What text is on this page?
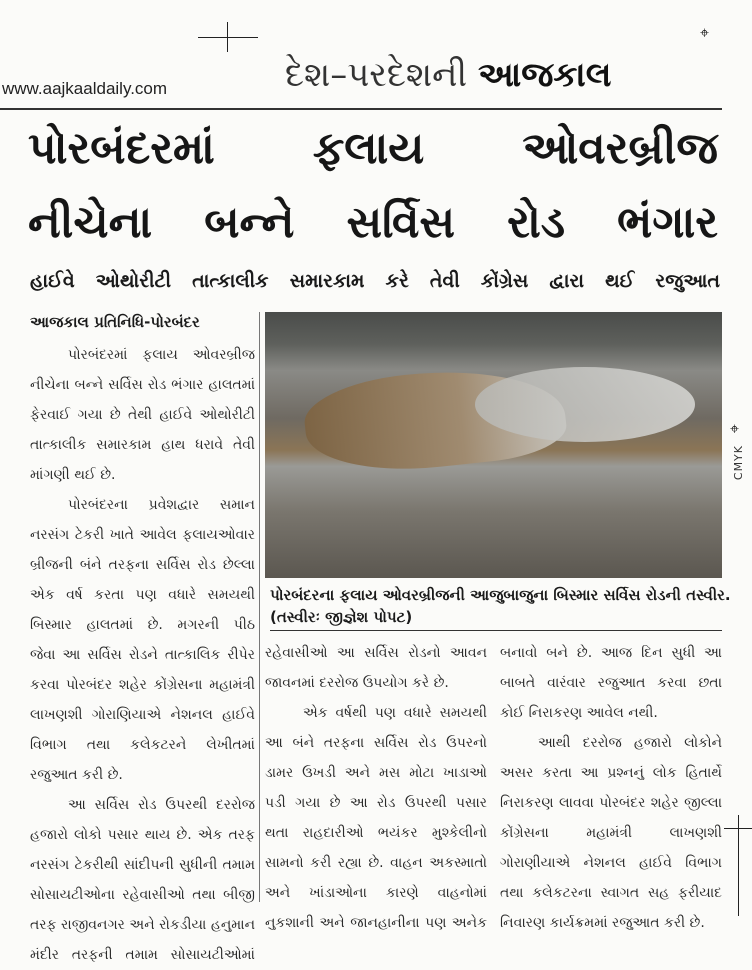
⌖
⌖
www.aajkaaldaily.com	દેશ–પરદેશની આજકાલ
પોરબંદરમાં ફલાય ઓવરબ્રીજ
નીચેના બન્ને સર્વિસ રોડ ભંગાર
હાઈવે ઓથોરીટી તાત્કાલીક સમારકામ કરે તેવી કોંગ્રેસ દ્વારા થઈ રજુઆત
આજકાલ પ્રતિનિધિ-પોરબંદર
પોરબંદરમાં ફલાય ઓવરબ્રીજ
નીચેના બન્ને સર્વિસ રોડ ભંગાર હાલતમાં
ફેરવાઈ ગયા છે તેથી હાઈવે ઓથોરીટી
તાત્કાલીક સમારકામ હાથ ધરાવે તેવી
માંગણી થઈ છે.
પોરબંદરના પ્રવેશદ્વાર સમાન
નરસંગ ટેકરી ખાતે આવેલ ફલાયઓવાર
બ્રીજની બંને તરફના સર્વિસ રોડ છેલ્લા
એક વર્ષ કરતા પણ વધારે સમયથી
બિસ્માર હાલતમાં છે. મગરની પીઠ
જેવા આ સર્વિસ રોડને તાત્કાલિક રીપેર
કરવા પોરબંદર શહેર કોંગ્રેસના મહામંત્રી
લાખણશી ગોરાણિયાએ નેશનલ હાઈવે
વિભાગ તથા કલેકટરને લેખીતમાં
રજુઆત કરી છે.
આ સર્વિસ રોડ ઉપરથી દરરોજ
હજારો લોકો પસાર થાય છે. એક તરફ
નરસંગ ટેકરીથી સાંદીપની સુધીની તમામ
સોસાયટીઓના રહેવાસીઓ તથા બીજી
તરફ રાજીવનગર અને રોકડીયા હનુમાન
મંદીર તરફની તમામ સોસાયટીઓમાં
પોરબંદરના ફલાય ઓવરબ્રીજની આજુબાજુના બિસ્માર સર્વિસ રોડની તસ્વીર.
(તસ્વીરઃ જીજ્ઞેશ પોપટ)
CMYK
રહેવાસીઓ આ સર્વિસ રોડનો આવન
જાવનમાં દરરોજ ઉપયોગ કરે છે.
એક વર્ષથી પણ વધારે સમયથી
આ બંને તરફના સર્વિસ રોડ ઉપરનો
ડામર ઉખડી અને મસ મોટા ખાડાઓ
પડી ગયા છે આ રોડ ઉપરથી પસાર
થતા રાહદારીઓ ભયંકર મુશ્કેલીનો
સામનો કરી રહ્યા છે. વાહન અકસ્માતો
અને ખાંડાઓના કારણે વાહનોમાં
નુકશાની અને જાનહાનીના પણ અનેક
બનાવો બને છે. આજ દિન સુધી આ
બાબતે વારંવાર રજુઆત કરવા છતા
કોઈ નિરાકરણ આવેલ નથી.
આથી દરરોજ હજારો લોકોને
અસર કરતા આ પ્રશ્નનું લોક હિતાર્થે
નિરાકરણ લાવવા પોરબંદર શહેર જીલ્લા
કોંગ્રેસના મહામંત્રી લાખણશી
ગોરાણીયાએ નેશનલ હાઈવે વિભાગ
તથા કલેકટરના સ્વાગત સહ ફરીયાદ
નિવારણ કાર્યક્રમમાં રજુઆત કરી છે.
